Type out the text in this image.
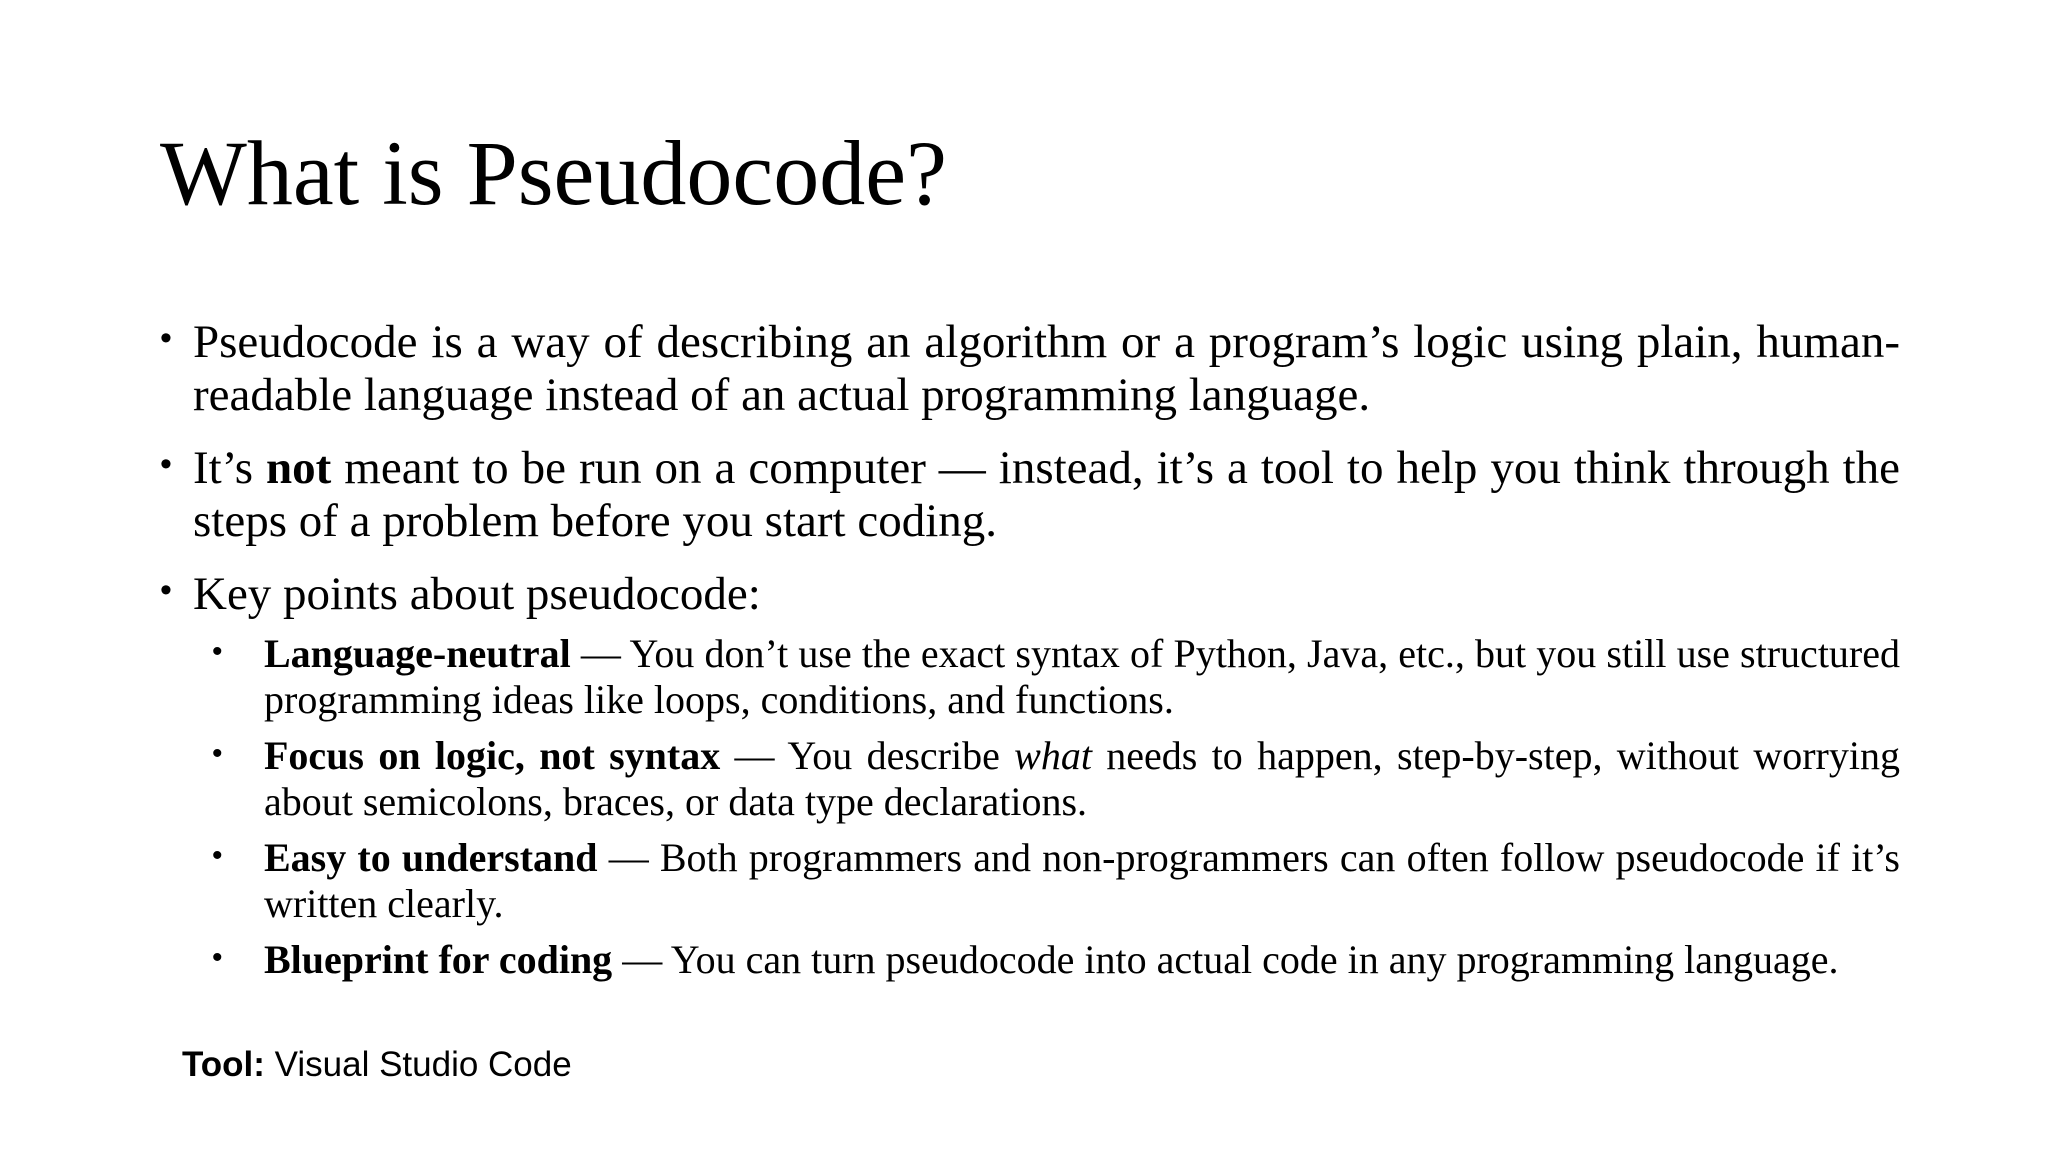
What is Pseudocode?
• Pseudocode is a way of describing an algorithm or a program’s logic using plain, human-readable language instead of an actual programming language.
• It’s not meant to be run on a computer — instead, it’s a tool to help you think through the steps of a problem before you start coding.
• Key points about pseudocode:
• Language-neutral — You don’t use the exact syntax of Python, Java, etc., but you still use structured programming ideas like loops, conditions, and functions.
• Focus on logic, not syntax — You describe what needs to happen, step-by-step, without worrying about semicolons, braces, or data type declarations.
• Easy to understand — Both programmers and non-programmers can often follow pseudocode if it’s written clearly.
• Blueprint for coding — You can turn pseudocode into actual code in any programming language.
Tool: Visual Studio Code
